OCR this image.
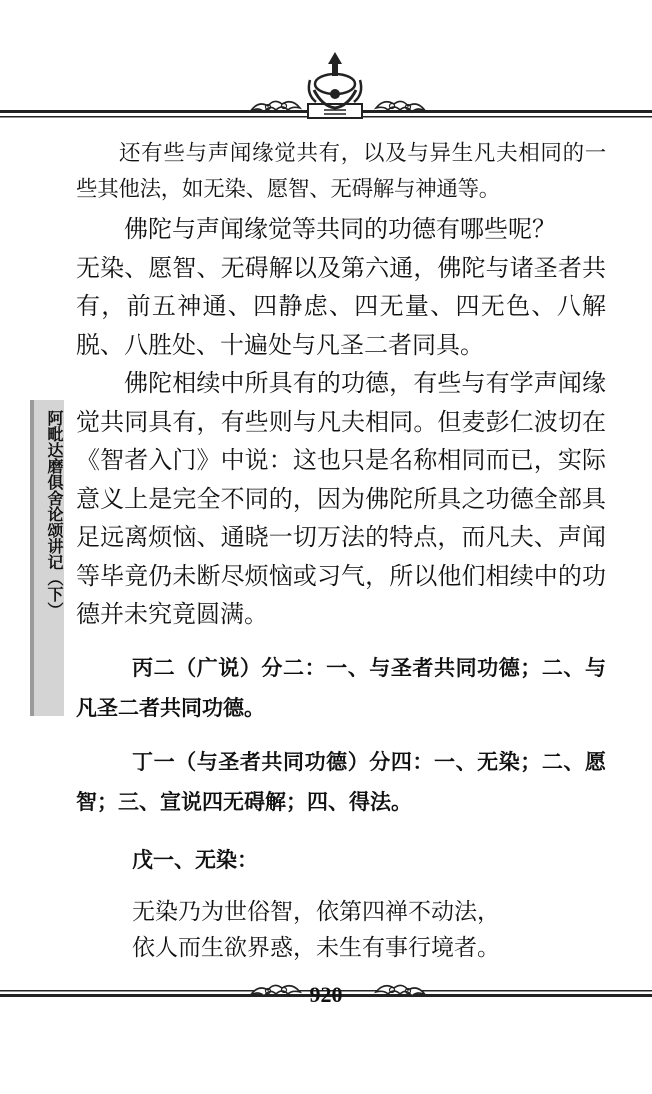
阿毗达磨俱舍论颂讲记（下）

还有些与声闻缘觉共有，以及与异生凡夫相同的一些其他法，如无染、愿智、无碍解与神通等。

佛陀与声闻缘觉等共同的功德有哪些呢？

无染、愿智、无碍解以及第六通，佛陀与诸圣者共有，前五神通、四静虑、四无量、四无色、八解脱、八胜处、十遍处与凡圣二者同具。

佛陀相续中所具有的功德，有些与有学声闻缘觉共同具有，有些则与凡夫相同。但麦彭仁波切在《智者入门》中说：这也只是名称相同而已，实际意义上是完全不同的，因为佛陀所具之功德全部具足远离烦恼、通晓一切万法的特点，而凡夫、声闻等毕竟仍未断尽烦恼或习气，所以他们相续中的功德并未究竟圆满。

丙二（广说）分二：一、与圣者共同功德；二、与凡圣二者共同功德。

丁一（与圣者共同功德）分四：一、无染；二、愿智；三、宣说四无碍解；四、得法。

戊一、无染：

无染乃为世俗智，依第四禅不动法，
依人而生欲界惑，未生有事行境者。
920
